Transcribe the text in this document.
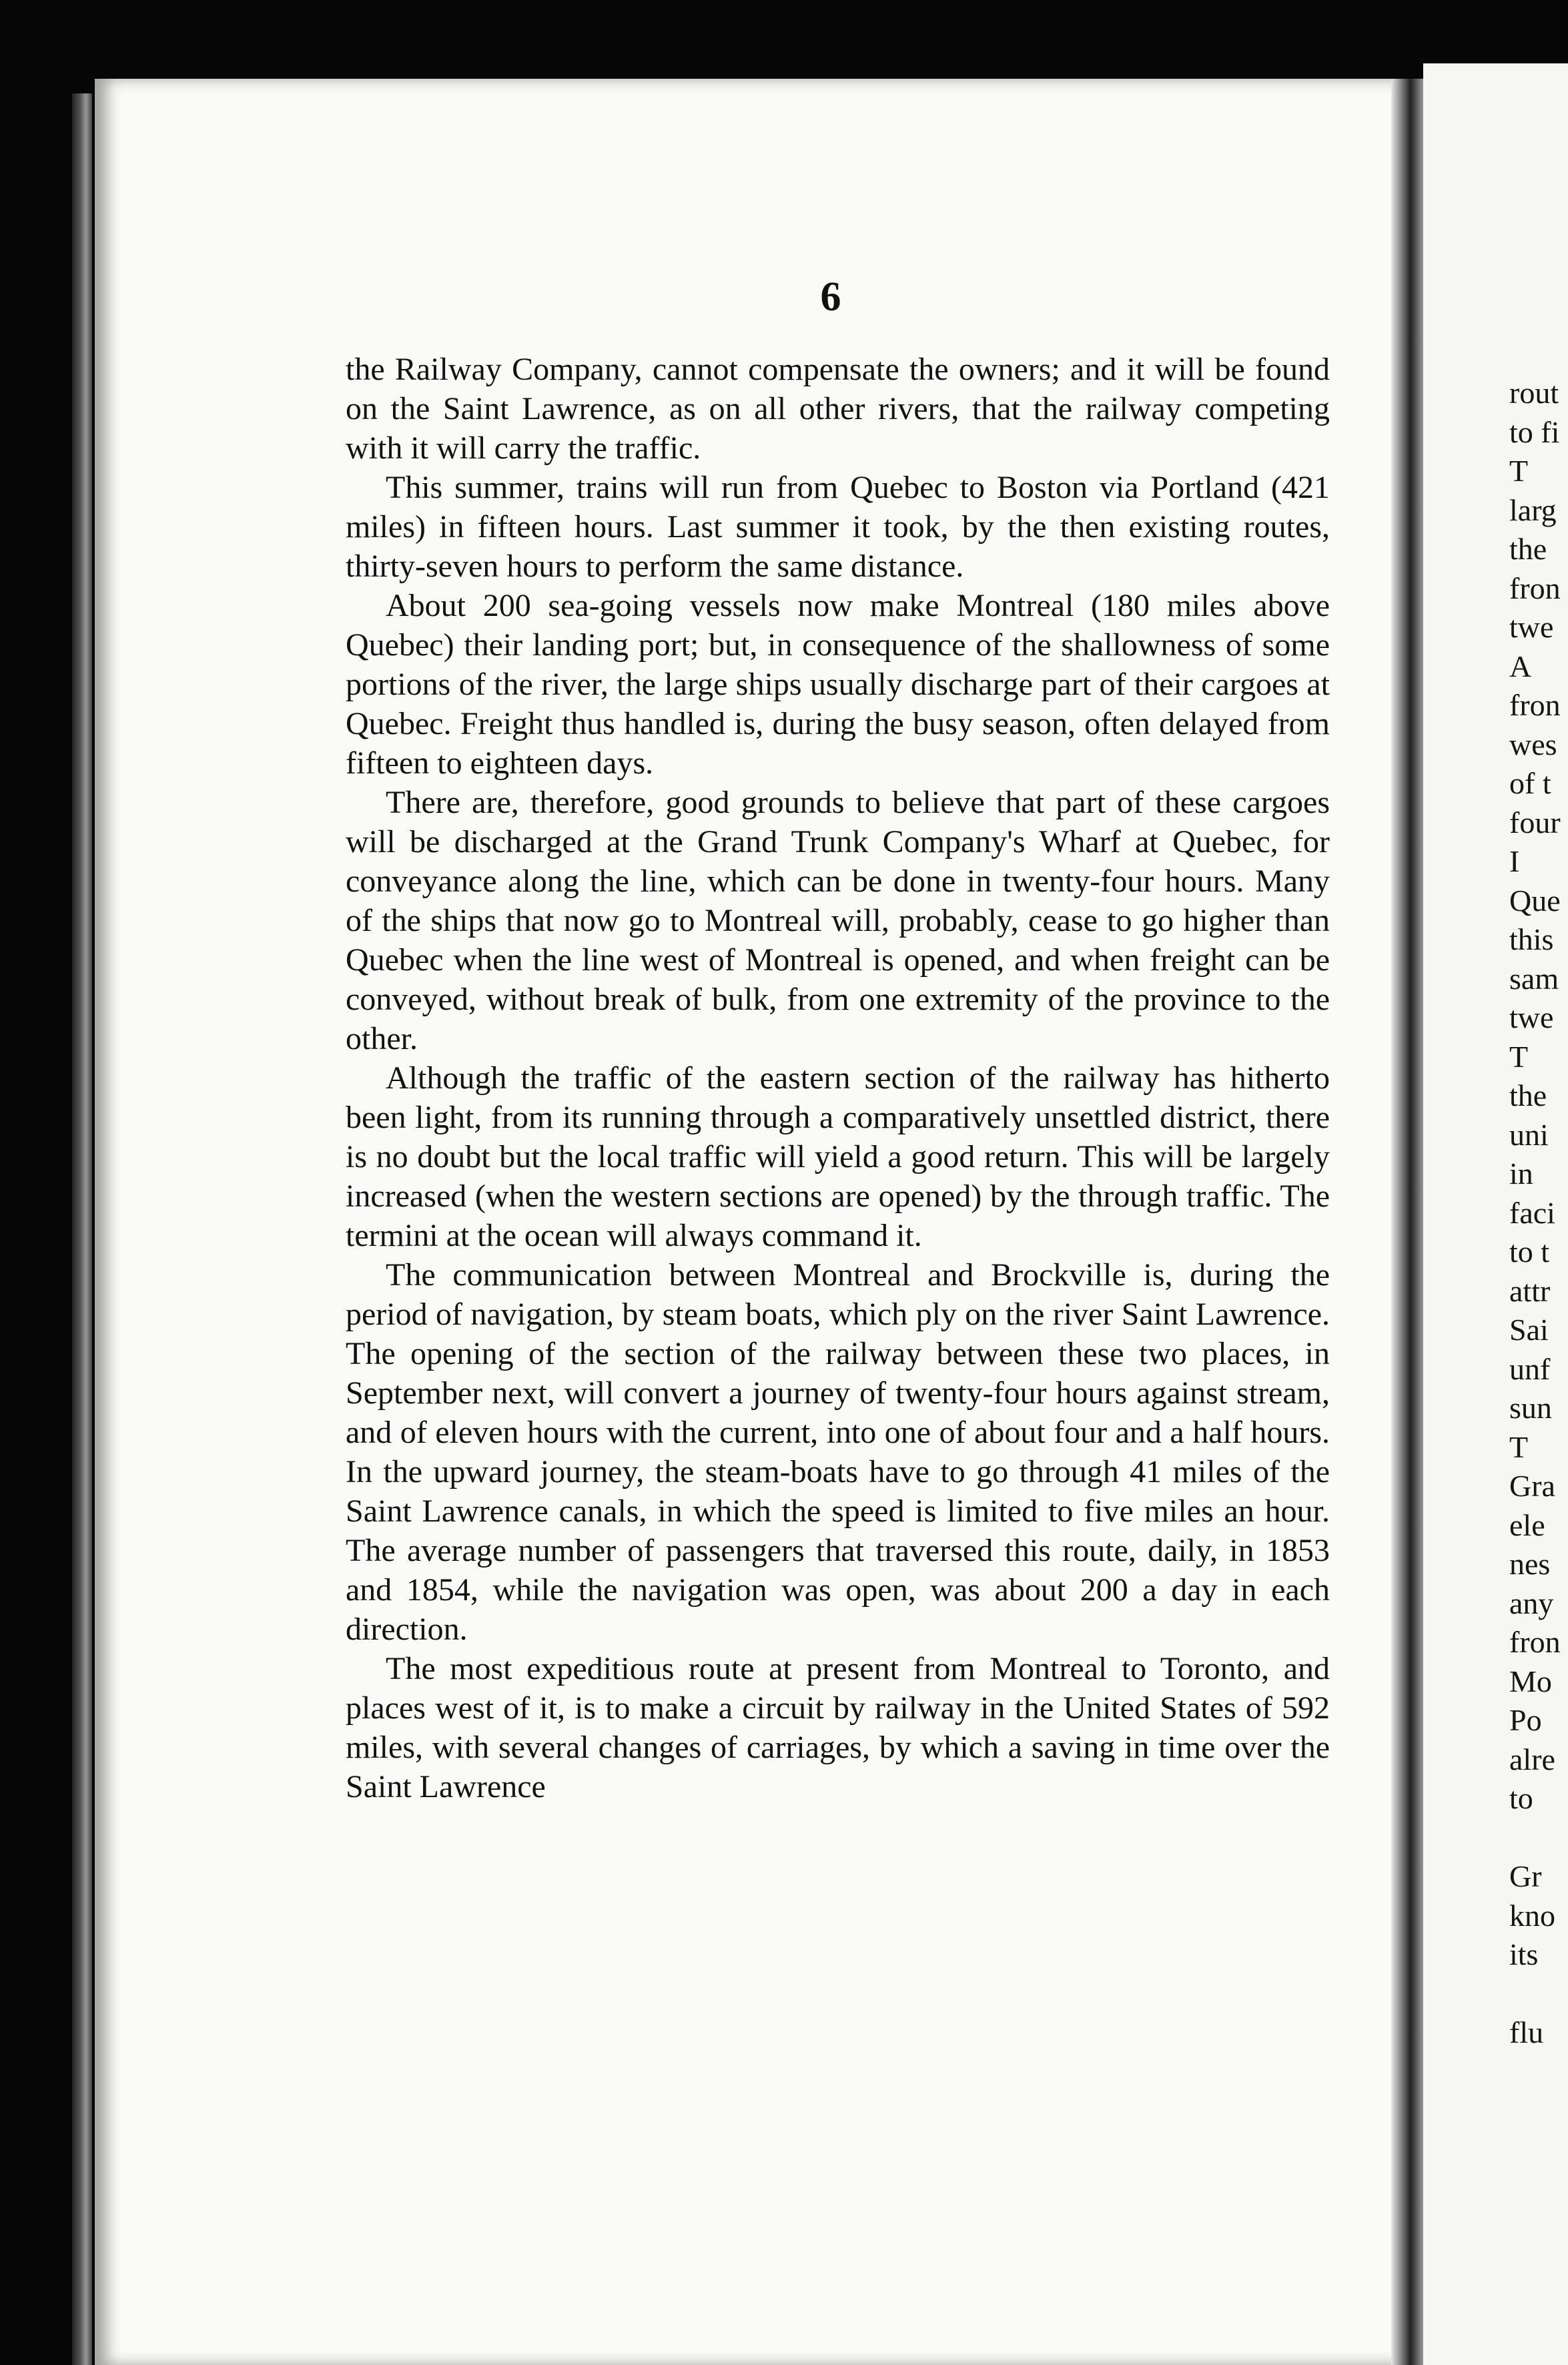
6

the Railway Company, cannot compensate the owners; and it will be found on the Saint Lawrence, as on all other rivers, that the railway competing with it will carry the traffic.

This summer, trains will run from Quebec to Boston via Portland (421 miles) in fifteen hours. Last summer it took, by the then existing routes, thirty-seven hours to perform the same distance.

About 200 sea-going vessels now make Montreal (180 miles above Quebec) their landing port; but, in consequence of the shallowness of some portions of the river, the large ships usually discharge part of their cargoes at Quebec. Freight thus handled is, during the busy season, often delayed from fifteen to eighteen days.

There are, therefore, good grounds to believe that part of these cargoes will be discharged at the Grand Trunk Company's Wharf at Quebec, for conveyance along the line, which can be done in twenty-four hours. Many of the ships that now go to Montreal will, probably, cease to go higher than Quebec when the line west of Montreal is opened, and when freight can be conveyed, without break of bulk, from one extremity of the province to the other.

Although the traffic of the eastern section of the railway has hitherto been light, from its running through a comparatively unsettled district, there is no doubt but the local traffic will yield a good return. This will be largely increased (when the western sections are opened) by the through traffic. The termini at the ocean will always command it.

The communication between Montreal and Brockville is, during the period of navigation, by steam boats, which ply on the river Saint Lawrence. The opening of the section of the railway between these two places, in September next, will convert a journey of twenty-four hours against stream, and of eleven hours with the current, into one of about four and a half hours. In the upward journey, the steam-boats have to go through 41 miles of the Saint Lawrence canals, in which the speed is limited to five miles an hour. The average number of passengers that traversed this route, daily, in 1853 and 1854, while the navigation was open, was about 200 a day in each direction.

The most expeditious route at present from Montreal to Toronto, and places west of it, is to make a circuit by railway in the United States of 592 miles, with several changes of carriages, by which a saving in time over the Saint Lawrence

rout
to fi
T
larg
the
fron
twe
A
fron
wes
of t
four
I
Que
this
sam
twe
T
the
uni
in
faci
to t
attr
Sai
unf
sun
T
Gra
ele
nes
any
fron
Mo
Po
alre
to
Gr
kno
its
flu
